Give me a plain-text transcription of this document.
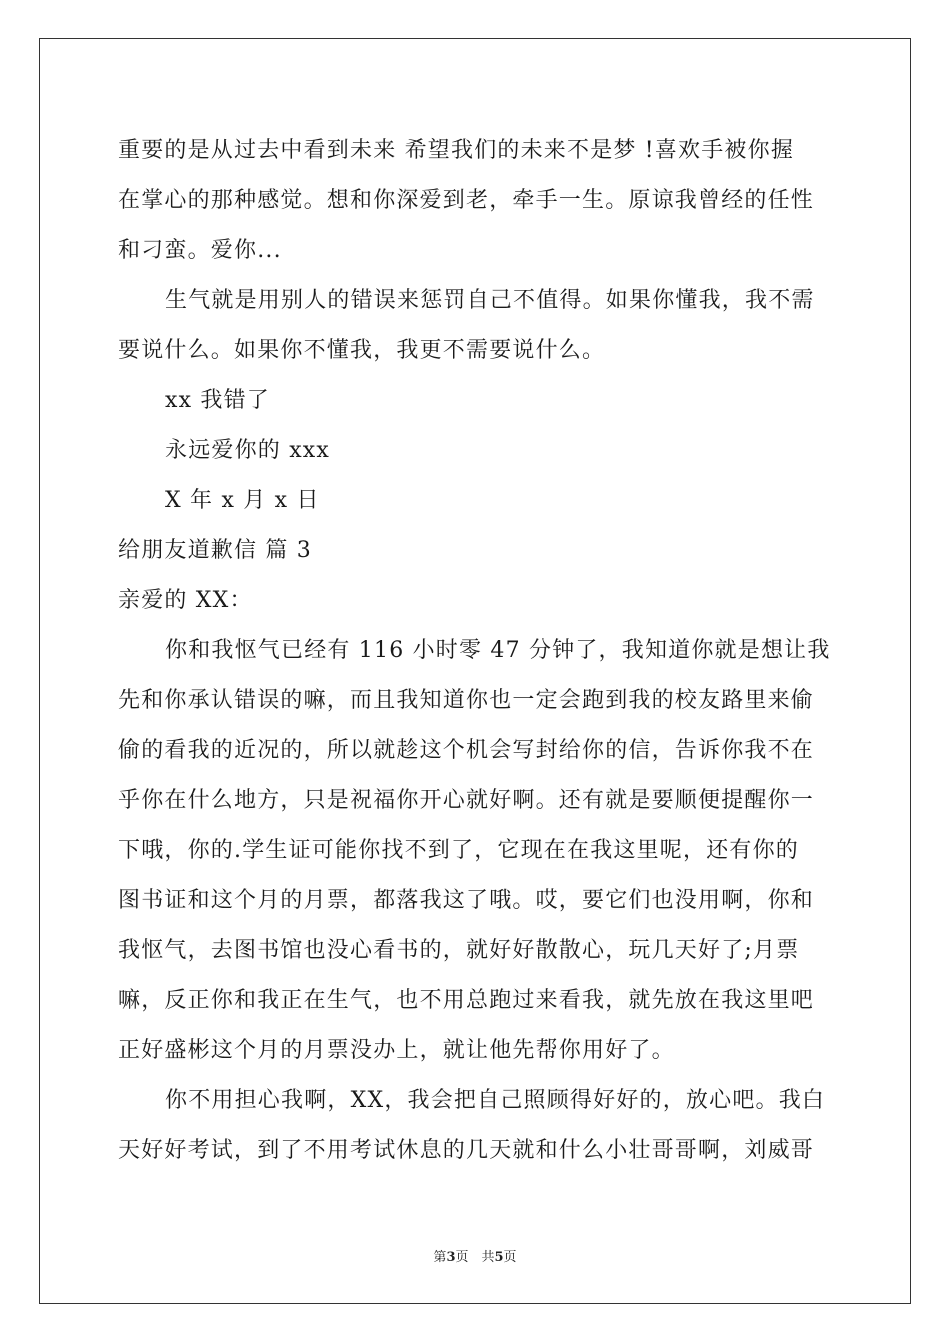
重要的是从过去中看到未来 希望我们的未来不是梦 !喜欢手被你握
在掌心的那种感觉。想和你深爱到老，牵手一生。原谅我曾经的任性
和刁蛮。爱你...
生气就是用别人的错误来惩罚自己不值得。如果你懂我，我不需
要说什么。如果你不懂我，我更不需要说什么。
xx 我错了
永远爱你的 xxx
X 年 x 月 x 日
给朋友道歉信 篇 3
亲爱的 XX：
你和我怄气已经有 116 小时零 47 分钟了，我知道你就是想让我
先和你承认错误的嘛，而且我知道你也一定会跑到我的校友路里来偷
偷的看我的近况的，所以就趁这个机会写封给你的信，告诉你我不在
乎你在什么地方，只是祝福你开心就好啊。还有就是要顺便提醒你一
下哦，你的.学生证可能你找不到了，它现在在我这里呢，还有你的
图书证和这个月的月票，都落我这了哦。哎，要它们也没用啊，你和
我怄气，去图书馆也没心看书的，就好好散散心，玩几天好了;月票
嘛，反正你和我正在生气，也不用总跑过来看我，就先放在我这里吧
正好盛彬这个月的月票没办上，就让他先帮你用好了。
你不用担心我啊，XX，我会把自己照顾得好好的，放心吧。我白
天好好考试，到了不用考试休息的几天就和什么小壮哥哥啊，刘威哥
第3页　共5页
